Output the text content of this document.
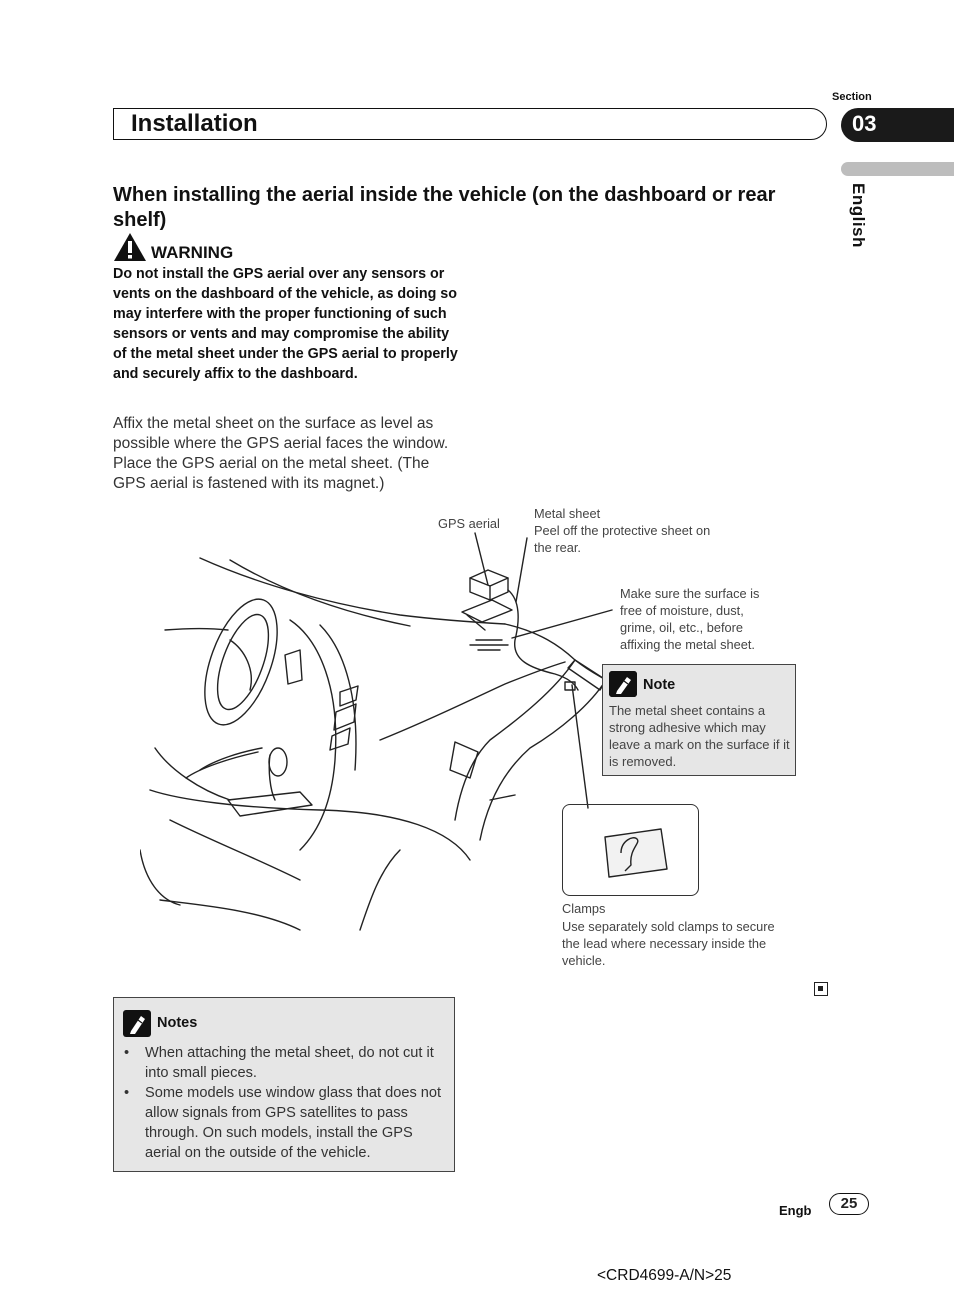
Section
Installation	03
English
When installing the aerial inside the vehicle (on the dashboard or rear shelf)
WARNING
Do not install the GPS aerial over any sensors or vents on the dashboard of the vehicle, as doing so may interfere with the proper functioning of such sensors or vents and may compromise the ability of the metal sheet under the GPS aerial to properly and securely affix to the dashboard.
Affix the metal sheet on the surface as level as possible where the GPS aerial faces the window. Place the GPS aerial on the metal sheet. (The GPS aerial is fastened with its magnet.)
GPS aerial
Metal sheet
Peel off the protective sheet on the rear.
Make sure the surface is free of moisture, dust, grime, oil, etc., before affixing the metal sheet.
Clamps
Use separately sold clamps to secure the lead where necessary inside the vehicle.
Note
The metal sheet contains a strong adhesive which may leave a mark on the surface if it is removed.
Notes
• When attaching the metal sheet, do not cut it into small pieces.
• Some models use window glass that does not allow signals from GPS satellites to pass through. On such models, install the GPS aerial on the outside of the vehicle.
Engb	25
<CRD4699-A/N>25
